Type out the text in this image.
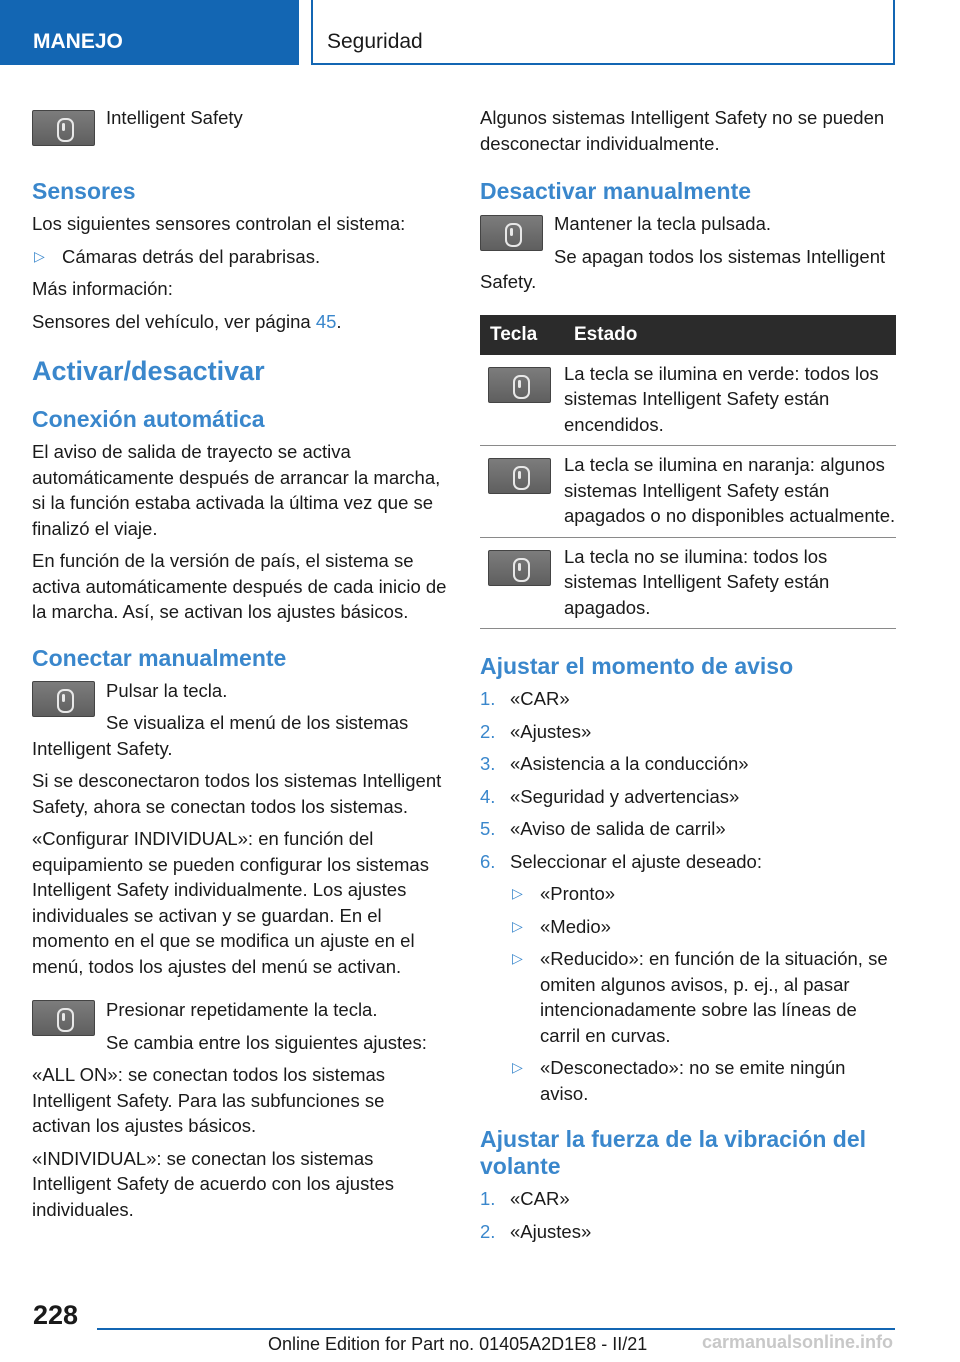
MANEJO	Seguridad

Intelligent Safety

Sensores

Los siguientes sensores controlan el sistema:

▷ Cámaras detrás del parabrisas.

Más información:

Sensores del vehículo, ver página 45.

Activar/desactivar
Conexión automática

El aviso de salida de trayecto se activa automáticamente después de arrancar la marcha, si la función estaba activada la última vez que se finalizó el viaje.

En función de la versión de país, el sistema se activa automáticamente después de cada inicio de la marcha. Así, se activan los ajustes básicos.

Conectar manualmente

Pulsar la tecla.

Se visualiza el menú de los sistemas Intelligent Safety.

Si se desconectaron todos los sistemas Intelligent Safety, ahora se conectan todos los sistemas.

«Configurar INDIVIDUAL»: en función del equipamiento se pueden configurar los sistemas Intelligent Safety individualmente. Los ajustes individuales se activan y se guardan. En el momento en el que se modifica un ajuste en el menú, todos los ajustes del menú se activan.

Presionar repetidamente la tecla.

Se cambia entre los siguientes ajustes:

«ALL ON»: se conectan todos los sistemas Intelligent Safety. Para las subfunciones se activan los ajustes básicos.

«INDIVIDUAL»: se conectan los sistemas Intelligent Safety de acuerdo con los ajustes individuales.

Algunos sistemas Intelligent Safety no se pueden desconectar individualmente.

Desactivar manualmente

Mantener la tecla pulsada.

Se apagan todos los sistemas Intelligent Safety.

Tecla	Estado

	La tecla se ilumina en verde: todos los sistemas Intelligent Safety están encendidos.

	La tecla se ilumina en naranja: algunos sistemas Intelligent Safety están apagados o no disponibles actualmente.

	La tecla no se ilumina: todos los sistemas Intelligent Safety están apagados.
Ajustar el momento de aviso
1. «CAR»
2. «Ajustes»
3. «Asistencia a la conducción»
4. «Seguridad y advertencias»
5. «Aviso de salida de carril»
6. Seleccionar el ajuste deseado:
▷ «Pronto»
▷ «Medio»
▷ «Reducido»: en función de la situación, se omiten algunos avisos, p. ej., al pasar intencionadamente sobre las líneas de carril en curvas.
▷ «Desconectado»: no se emite ningún aviso.
Ajustar la fuerza de la vibración del volante
1. «CAR»
2. «Ajustes»
228
Online Edition for Part no. 01405A2D1E8 - II/21	carmanualsonline.info
